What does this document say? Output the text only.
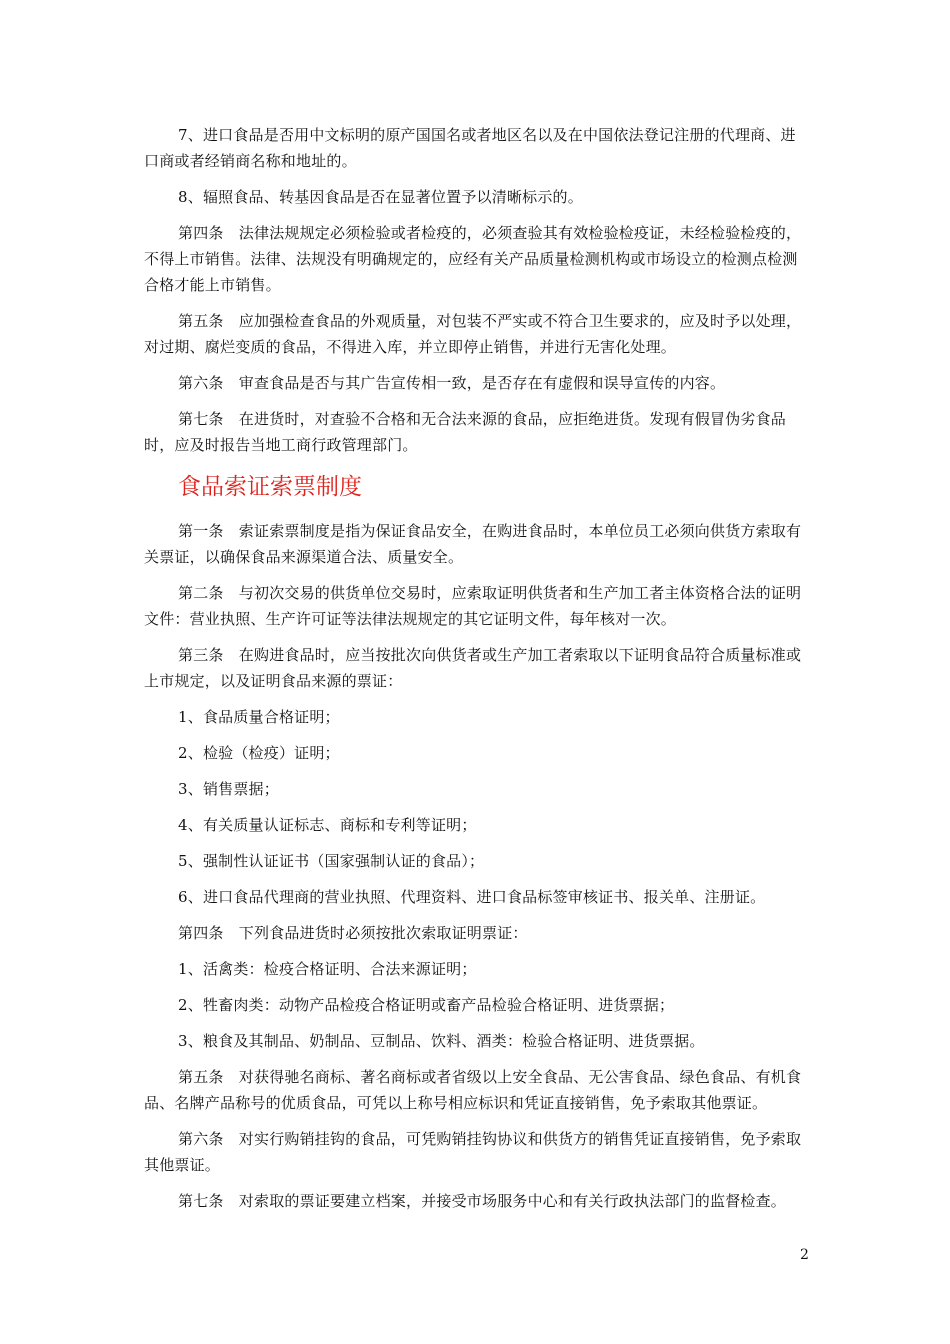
7、进口食品是否用中文标明的原产国国名或者地区名以及在中国依法登记注册的代理商、进口商或者经销商名称和地址的。

8、辐照食品、转基因食品是否在显著位置予以清晰标示的。

第四条　法律法规规定必须检验或者检疫的，必须查验其有效检验检疫证，未经检验检疫的，不得上市销售。法律、法规没有明确规定的，应经有关产品质量检测机构或市场设立的检测点检测合格才能上市销售。

第五条　应加强检查食品的外观质量，对包装不严实或不符合卫生要求的，应及时予以处理，对过期、腐烂变质的食品，不得进入库，并立即停止销售，并进行无害化处理。

第六条　审查食品是否与其广告宣传相一致，是否存在有虚假和误导宣传的内容。

第七条　在进货时，对查验不合格和无合法来源的食品，应拒绝进货。发现有假冒伪劣食品时，应及时报告当地工商行政管理部门。

食品索证索票制度

第一条　索证索票制度是指为保证食品安全，在购进食品时，本单位员工必须向供货方索取有关票证，以确保食品来源渠道合法、质量安全。

第二条　与初次交易的供货单位交易时，应索取证明供货者和生产加工者主体资格合法的证明文件：营业执照、生产许可证等法律法规规定的其它证明文件，每年核对一次。

第三条　在购进食品时，应当按批次向供货者或生产加工者索取以下证明食品符合质量标准或上市规定，以及证明食品来源的票证：

1、食品质量合格证明；

2、检验（检疫）证明；

3、销售票据；

4、有关质量认证标志、商标和专利等证明；

5、强制性认证证书（国家强制认证的食品）；

6、进口食品代理商的营业执照、代理资料、进口食品标签审核证书、报关单、注册证。

第四条　下列食品进货时必须按批次索取证明票证：

1、活禽类：检疫合格证明、合法来源证明；

2、牲畜肉类：动物产品检疫合格证明或畜产品检验合格证明、进货票据；

3、粮食及其制品、奶制品、豆制品、饮料、酒类：检验合格证明、进货票据。

第五条　对获得驰名商标、著名商标或者省级以上安全食品、无公害食品、绿色食品、有机食品、名牌产品称号的优质食品，可凭以上称号相应标识和凭证直接销售，免予索取其他票证。

第六条　对实行购销挂钩的食品，可凭购销挂钩协议和供货方的销售凭证直接销售，免予索取其他票证。

第七条　对索取的票证要建立档案，并接受市场服务中心和有关行政执法部门的监督检查。

2
